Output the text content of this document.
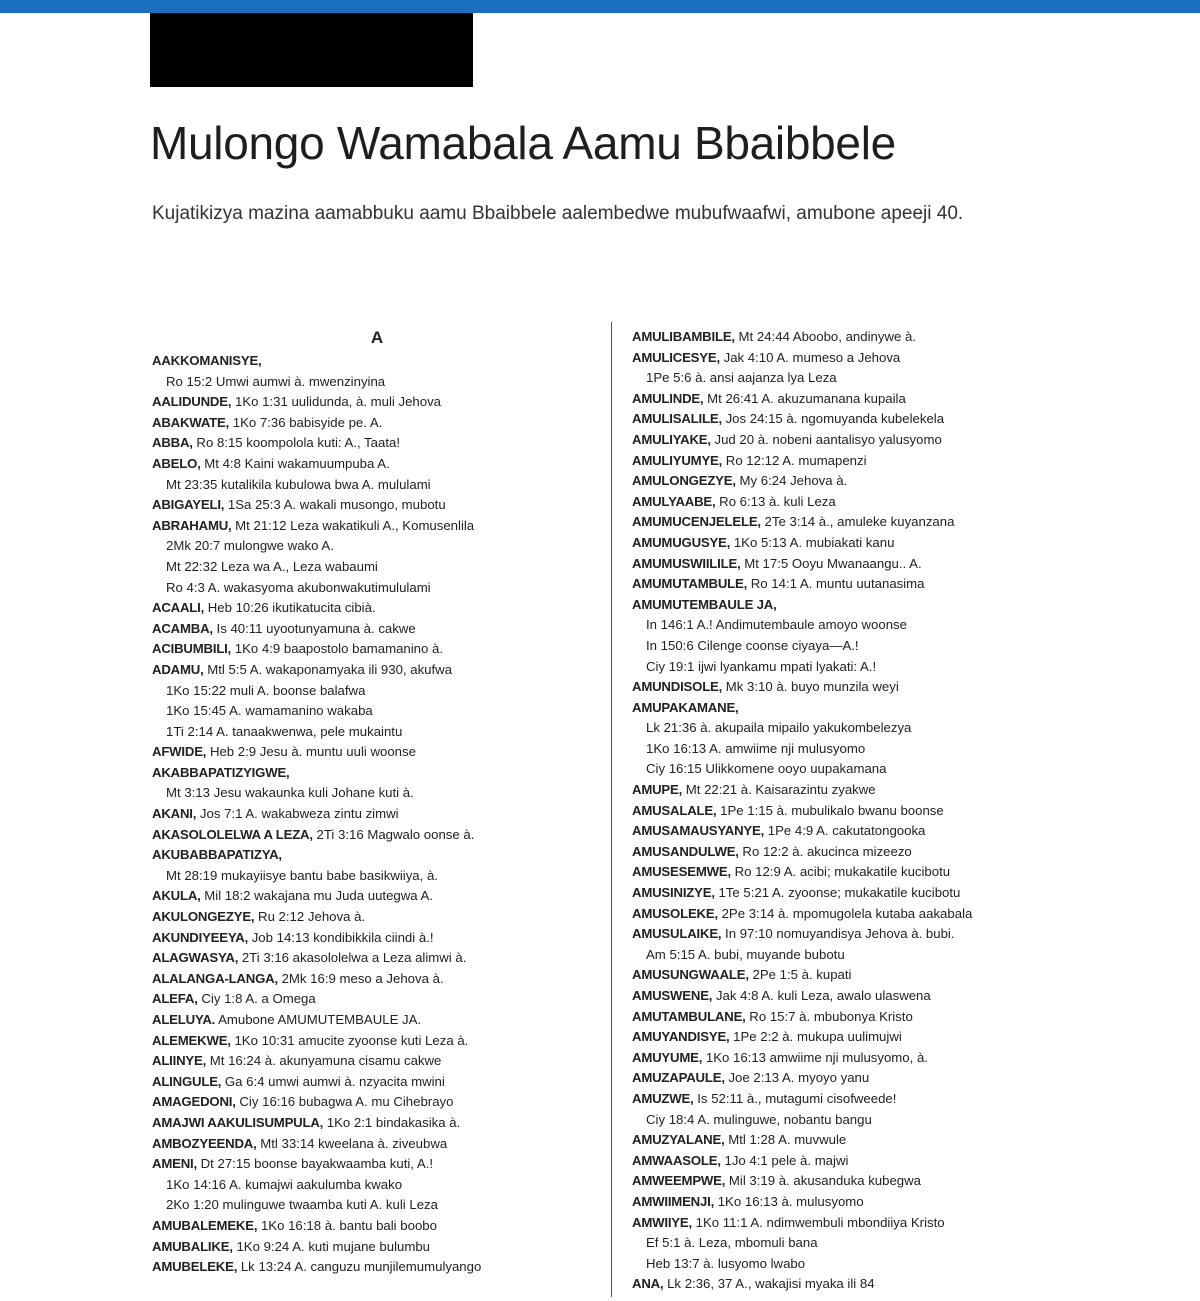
Mulongo Wamabala Aamu Bbaibbele

Kujatikizya mazina aamabbuku aamu Bbaibbele aalembedwe mubufwaafwi, amubone apeeji 40.

A
AAKKOMANISYE,
Ro 15:2 Umwi aumwi à. mwenzinyina
AALIDUNDE, 1Ko 1:31 uulidunda, à. muli Jehova
ABAKWATE, 1Ko 7:36 babisyide pe. A.
ABBA, Ro 8:15 koompolola kuti: A., Taata!
ABELO, Mt 4:8 Kaini wakamuumpuba A.
Mt 23:35 kutalikila kubulowa bwa A. mululami
ABIGAYELI, 1Sa 25:3 A. wakali musongo, mubotu
ABRAHAMU, Mt 21:12 Leza wakatikuli A., Komusenlila
2Mk 20:7 mulongwe wako A.
Mt 22:32 Leza wa A., Leza wabaumi
Ro 4:3 A. wakasyoma akubonwakutimululami
ACAALI, Heb 10:26 ikutikatucita cibià.
ACAMBA, Is 40:11 uyootunyamuna à. cakwe
ACIBUMBILI, 1Ko 4:9 baapostolo bamamanino à.
ADAMU, Mtl 5:5 A. wakaponamyaka ili 930, akufwa
1Ko 15:22 muli A. boonse balafwa
1Ko 15:45 A. wamamanino wakaba
1Ti 2:14 A. tanaakwenwa, pele mukaintu
AFWIDE, Heb 2:9 Jesu à. muntu uuli woonse
AKABBAPATIZYIGWE,
Mt 3:13 Jesu wakaunka kuli Johane kuti à.
AKANI, Jos 7:1 A. wakabweza zintu zimwi
AKASOLOLELWA A LEZA, 2Ti 3:16 Magwalo oonse à.
AKUBABBAPATIZYA,
Mt 28:19 mukayiisye bantu babe basikwiiya, à.
AKULA, Mil 18:2 wakajana mu Juda uutegwa A.
AKULONGEZYE, Ru 2:12 Jehova à.
AKUNDIYEEYA, Job 14:13 kondibikkila ciindi à.!
ALAGWASYA, 2Ti 3:16 akasololelwa a Leza alimwi à.
ALALANGA-LANGA, 2Mk 16:9 meso a Jehova à.
ALEFA, Ciy 1:8 A. a Omega
ALELUYA. Amubone AMUMUTEMBAULE JA.
ALEMEKWE, 1Ko 10:31 amucite zyoonse kuti Leza à.
ALIINYE, Mt 16:24 à. akunyamuna cisamu cakwe
ALINGULE, Ga 6:4 umwi aumwi à. nzyacita mwini
AMAGEDONI, Ciy 16:16 bubagwa A. mu Cihebrayo
AMAJWI AAKULISUMPULA, 1Ko 2:1 bindakasika à.
AMBOZYEENDA, Mtl 33:14 kweelana à. ziveubwa
AMENI, Dt 27:15 boonse bayakwaamba kuti, A.!
1Ko 14:16 A. kumajwi aakulumba kwako
2Ko 1:20 mulinguwe twaamba kuti A. kuli Leza
AMUBALEMEKE, 1Ko 16:18 à. bantu bali boobo
AMUBALIKE, 1Ko 9:24 A. kuti mujane bulumbu
AMUBELEKE, Lk 13:24 A. canguzu munjilemumulyango
AMULIBAMBILE, Mt 24:44 Aboobo, andinywe à.
AMULICESYE, Jak 4:10 A. mumeso a Jehova
1Pe 5:6 à. ansi aajanza lya Leza
AMULINDE, Mt 26:41 A. akuzumanana kupaila
AMULISALILE, Jos 24:15 à. ngomuyanda kubelekela
AMULIYAKE, Jud 20 à. nobeni aantalisyo yalusyomo
AMULIYUMYE, Ro 12:12 A. mumapenzi
AMULONGEZYE, My 6:24 Jehova à.
AMULYAABE, Ro 6:13 à. kuli Leza
AMUMUCENJELELE, 2Te 3:14 à., amuleke kuyanzana
AMUMUGUSYE, 1Ko 5:13 A. mubiakati kanu
AMUMUSWIILILE, Mt 17:5 Ooyu Mwanaangu.. A.
AMUMUTAMBULE, Ro 14:1 A. muntu uutanasima
AMUMUTEMBAULE JA,
In 146:1 A.! Andimutembaule amoyo woonse
In 150:6 Cilenge coonse ciyaya—A.!
Ciy 19:1 ijwi lyankamu mpati lyakati: A.!
AMUNDISOLE, Mk 3:10 à. buyo munzila weyi
AMUPAKAMANE,
Lk 21:36 à. akupaila mipailo yakukombelezya
1Ko 16:13 A. amwiime nji mulusyomo
Ciy 16:15 Ulikkomene ooyo uupakamana
AMUPE, Mt 22:21 à. Kaisarazintu zyakwe
AMUSALALE, 1Pe 1:15 à. mubulikalo bwanu boonse
AMUSAMAUSYANYE, 1Pe 4:9 A. cakutatongooka
AMUSANDULWE, Ro 12:2 à. akucinca mizeezo
AMUSESEMWE, Ro 12:9 A. acibi; mukakatile kucibotu
AMUSINIZYE, 1Te 5:21 A. zyoonse; mukakatile kucibotu
AMUSOLEKE, 2Pe 3:14 à. mpomugolela kutaba aakabala
AMUSULAIKE, In 97:10 nomuyandisya Jehova à. bubi.
Am 5:15 A. bubi, muyande bubotu
AMUSUNGWAALE, 2Pe 1:5 à. kupati
AMUSWENE, Jak 4:8 A. kuli Leza, awalo ulaswena
AMUTAMBULANE, Ro 15:7 à. mbubonya Kristo
AMUYANDISYE, 1Pe 2:2 à. mukupa uulimujwi
AMUYUME, 1Ko 16:13 amwiime nji mulusyomo, à.
AMUZAPAULE, Joe 2:13 A. myoyo yanu
AMUZWE, Is 52:11 à., mutagumi cisofweede!
Ciy 18:4 A. mulinguwe, nobantu bangu
AMUZYALANE, Mtl 1:28 A. muvwule
AMWAASOLE, 1Jo 4:1 pele à. majwi
AMWEEMPWE, Mil 3:19 à. akusanduka kubegwa
AMWIIMENJI, 1Ko 16:13 à. mulusyomo
AMWIIYE, 1Ko 11:1 A. ndimwembuli mbondiiya Kristo
Ef 5:1 à. Leza, mbomuli bana
Heb 13:7 à. lusyomo lwabo
ANA, Lk 2:36, 37 A., wakajisi myaka ili 84
